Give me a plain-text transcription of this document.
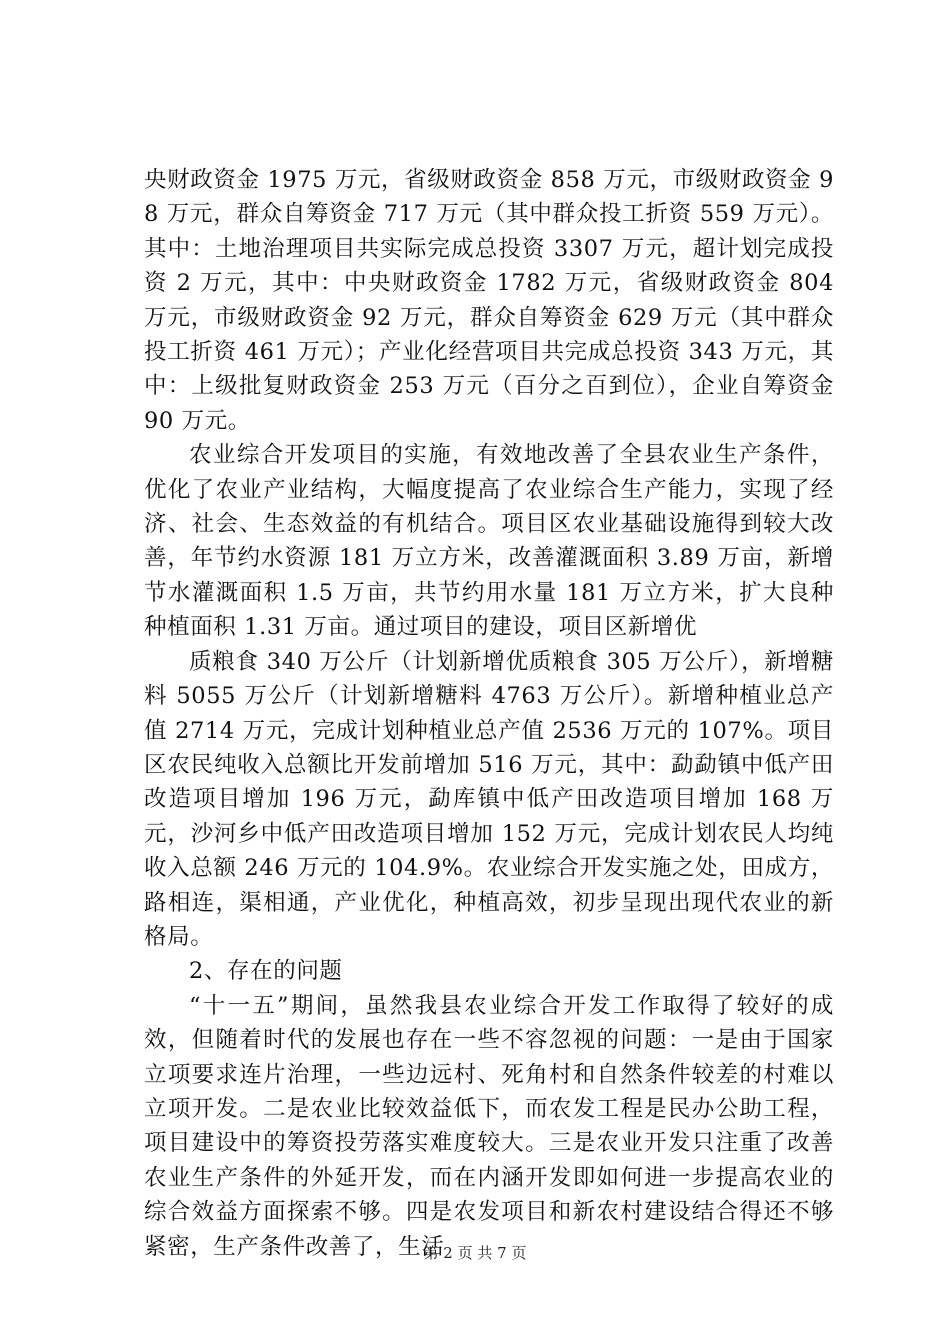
央财政资金 1975 万元，省级财政资金 858 万元，市级财政资金 98 万元，群众自筹资金 717 万元（其中群众投工折资 559 万元）。其中：土地治理项目共实际完成总投资 3307 万元，超计划完成投资 2 万元，其中：中央财政资金 1782 万元，省级财政资金 804 万元，市级财政资金 92 万元，群众自筹资金 629 万元（其中群众投工折资 461 万元）；产业化经营项目共完成总投资 343 万元，其中：上级批复财政资金 253 万元（百分之百到位），企业自筹资金 90 万元。

农业综合开发项目的实施，有效地改善了全县农业生产条件，优化了农业产业结构，大幅度提高了农业综合生产能力，实现了经济、社会、生态效益的有机结合。项目区农业基础设施得到较大改善，年节约水资源 181 万立方米，改善灌溉面积 3.89 万亩，新增节水灌溉面积 1.5 万亩，共节约用水量 181 万立方米，扩大良种种植面积 1.31 万亩。通过项目的建设，项目区新增优

质粮食 340 万公斤（计划新增优质粮食 305 万公斤），新增糖料 5055 万公斤（计划新增糖料 4763 万公斤）。新增种植业总产值 2714 万元，完成计划种植业总产值 2536 万元的 107%。项目区农民纯收入总额比开发前增加 516 万元，其中：勐勐镇中低产田改造项目增加 196 万元，勐库镇中低产田改造项目增加 168 万元，沙河乡中低产田改造项目增加 152 万元，完成计划农民人均纯收入总额 246 万元的 104.9%。农业综合开发实施之处，田成方，路相连，渠相通，产业优化，种植高效，初步呈现出现代农业的新格局。

2、存在的问题

“十一五”期间，虽然我县农业综合开发工作取得了较好的成效，但随着时代的发展也存在一些不容忽视的问题：一是由于国家立项要求连片治理，一些边远村、死角村和自然条件较差的村难以立项开发。二是农业比较效益低下，而农发工程是民办公助工程，项目建设中的筹资投劳落实难度较大。三是农业开发只注重了改善农业生产条件的外延开发，而在内涵开发即如何进一步提高农业的综合效益方面探索不够。四是农发项目和新农村建设结合得还不够紧密，生产条件改善了，生活

第 2 页 共 7 页
